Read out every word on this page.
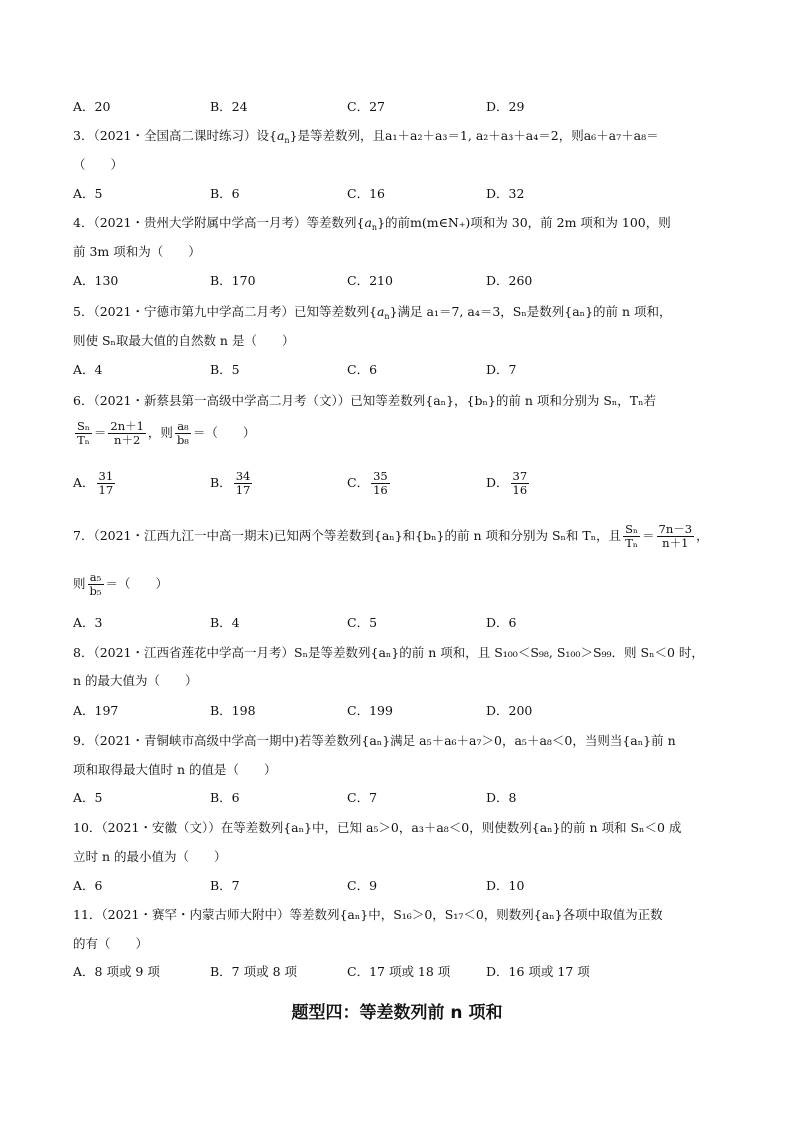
A．20	B．24	C．27	D．29
3．（2021・全国高二课时练习）设$\{a_n\}$是等差数列，且a₁＋a₂＋a₃＝1, a₂＋a₃＋a₄＝2，则a₆＋a₇＋a₈＝
（　　）
A．5	B．6	C．16	D．32
4．（2021・贵州大学附属中学高一月考）等差数列$\{a_n\}$的前m(m∈N₊)项和为 30，前 2m 项和为 100，则
前 3m 项和为（　　）
A．130	B．170	C．210	D．260
5．（2021・宁德市第九中学高二月考）已知等差数列$\{a_n\}$满足 a₁＝7, a₄＝3，Sₙ是数列{aₙ}的前 n 项和，
则使 Sₙ取最大值的自然数 n 是（　　）
A．4	B．5	C．6	D．7
6．（2021・新蔡县第一高级中学高二月考（文））已知等差数列{aₙ}，{bₙ}的前 n 项和分别为 Sₙ，Tₙ若
$\frac{\text{Sₙ}}{\text{Tₙ}} = \frac{2n+1}{n+2}$ ，则 $\frac{\text{a₈}}{\text{b₈}}$ ＝（　　）
A． $\frac{31}{17}$	B． $\frac{34}{17}$	C． $\frac{35}{16}$	D． $\frac{37}{16}$
7．（2021・江西九江一中高一期末)已知两个等差数到{aₙ}和{bₙ}的前 n 项和分别为 Sₙ和 Tₙ，且 $\frac{\text{Sₙ}}{\text{Tₙ}} = \frac{7n-3}{n+1}$ ，
则 $\frac{\text{a₅}}{\text{b₅}}$ ＝（　　）
A．3	B．4	C．5	D．6
8．（2021・江西省莲花中学高一月考）Sₙ是等差数列{aₙ}的前 n 项和，且 S₁₀₀＜S₉₈, S₁₀₀＞S₉₉．则 Sₙ＜0 时，
n 的最大值为（　　）
A．197	B．198	C．199	D．200
9．（2021・青铜峡市高级中学高一期中)若等差数列{aₙ}满足 a₅＋a₆＋a₇＞0，a₅＋a₈＜0，当则当{aₙ}前 n
项和取得最大值时 n 的值是（　　）
A．5	B．6	C．7	D．8
10．（2021・安徽（文））在等差数列{aₙ}中，已知 a₅＞0，a₃＋a₈＜0，则使数列{aₙ}的前 n 项和 Sₙ＜0 成
立时 n 的最小值为（　　）
A．6	B．7	C．9	D．10
11．（2021・赛罕・内蒙古师大附中）等差数列{aₙ}中，S₁₆＞0，S₁₇＜0，则数列{aₙ}各项中取值为正数
的有（　　）
A．8 项或 9 项	B．7 项或 8 项	C．17 项或 18 项	D．16 项或 17 项
题型四：等差数列前 n 项和
